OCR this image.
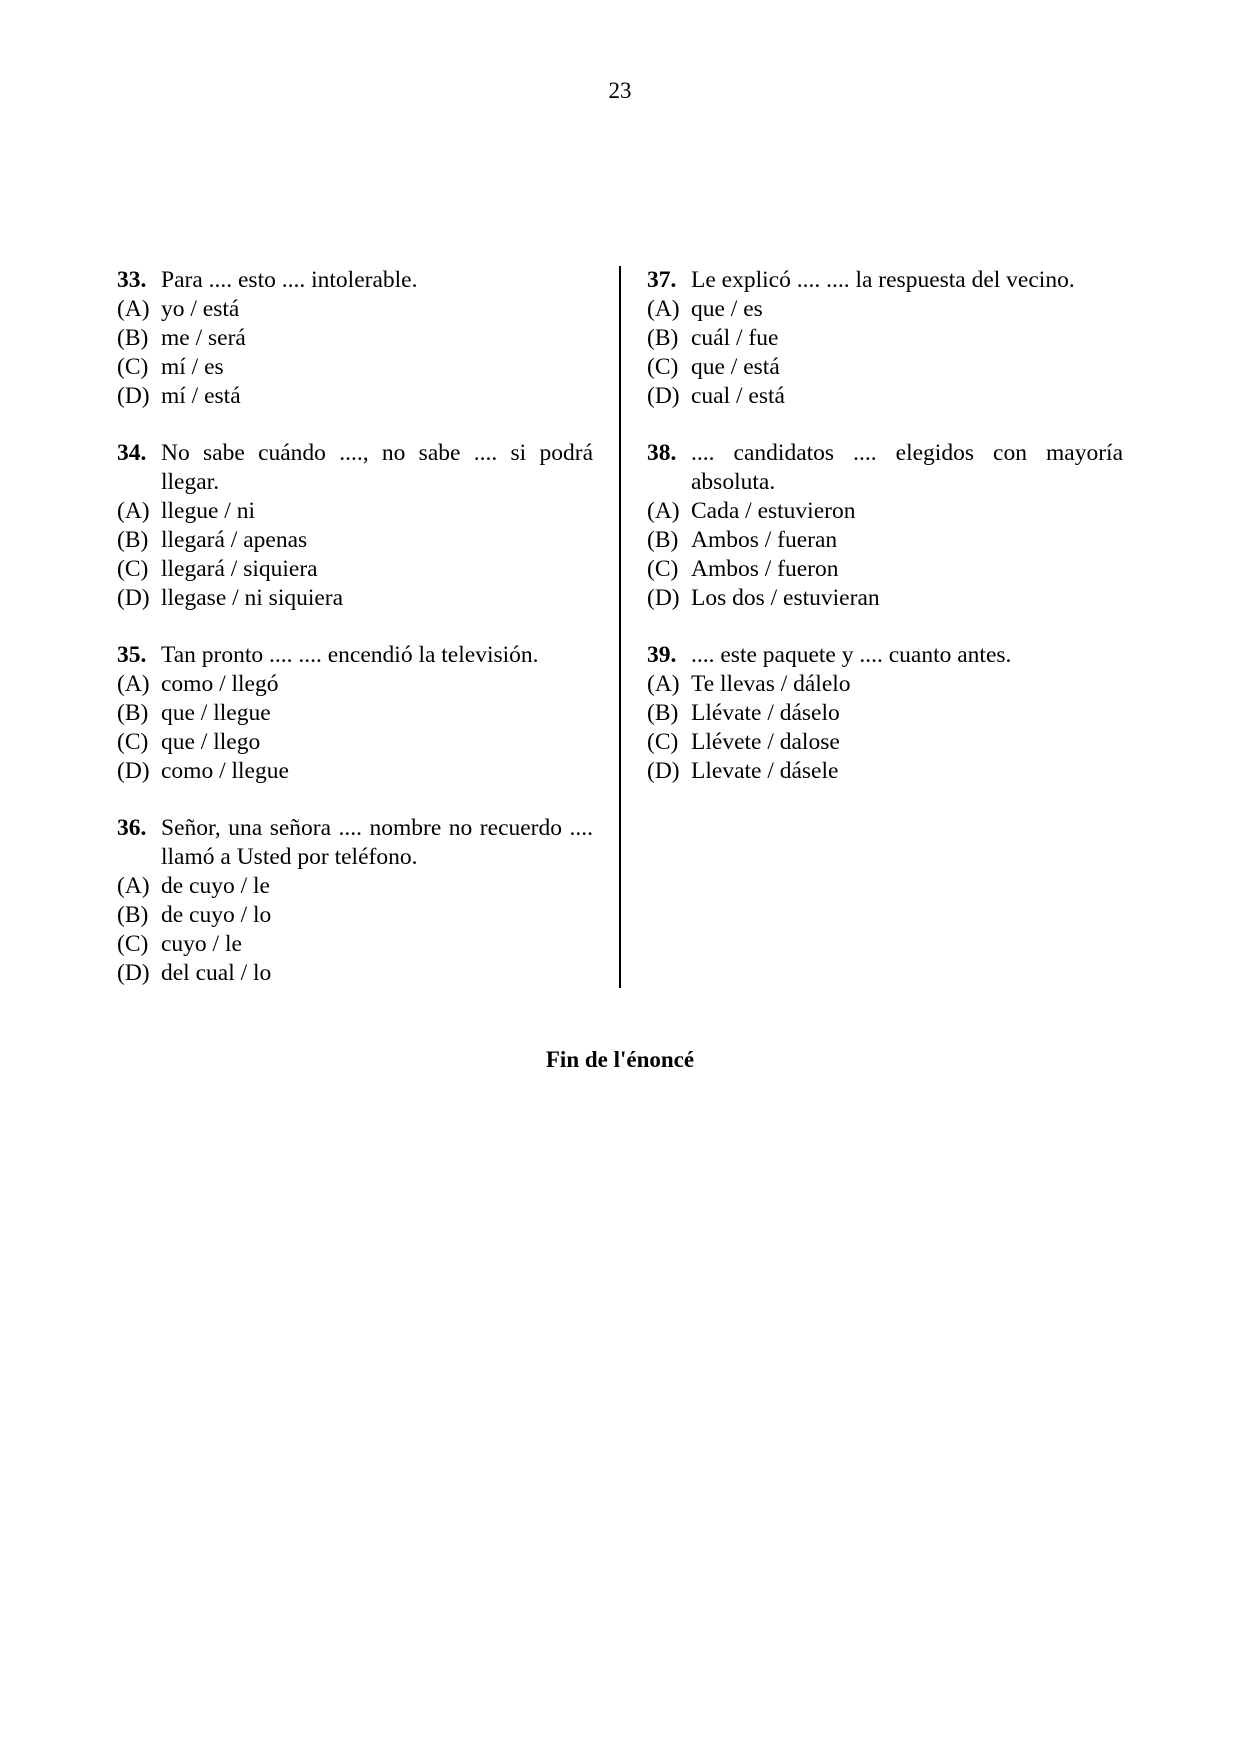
23
33. Para .... esto .... intolerable.
(A) yo / está
(B) me / será
(C) mí / es
(D) mí / está
34. No sabe cuándo ...., no sabe .... si podrá llegar.
(A) llegue / ni
(B) llegará / apenas
(C) llegará / siquiera
(D) llegase / ni siquiera
35. Tan pronto .... .... encendió la televisión.
(A) como / llegó
(B) que / llegue
(C) que / llego
(D) como / llegue
36. Señor, una señora .... nombre no recuerdo .... llamó a Usted por teléfono.
(A) de cuyo / le
(B) de cuyo / lo
(C) cuyo / le
(D) del cual / lo
37. Le explicó .... .... la respuesta del vecino.
(A) que / es
(B) cuál / fue
(C) que / está
(D) cual / está
38. .... candidatos .... elegidos con mayoría absoluta.
(A) Cada / estuvieron
(B) Ambos / fueran
(C) Ambos / fueron
(D) Los dos / estuvieran
39. .... este paquete y .... cuanto antes.
(A) Te llevas / dálelo
(B) Llévate / dáselo
(C) Llévete / dalose
(D) Llevate / dásele
Fin de l'énoncé
